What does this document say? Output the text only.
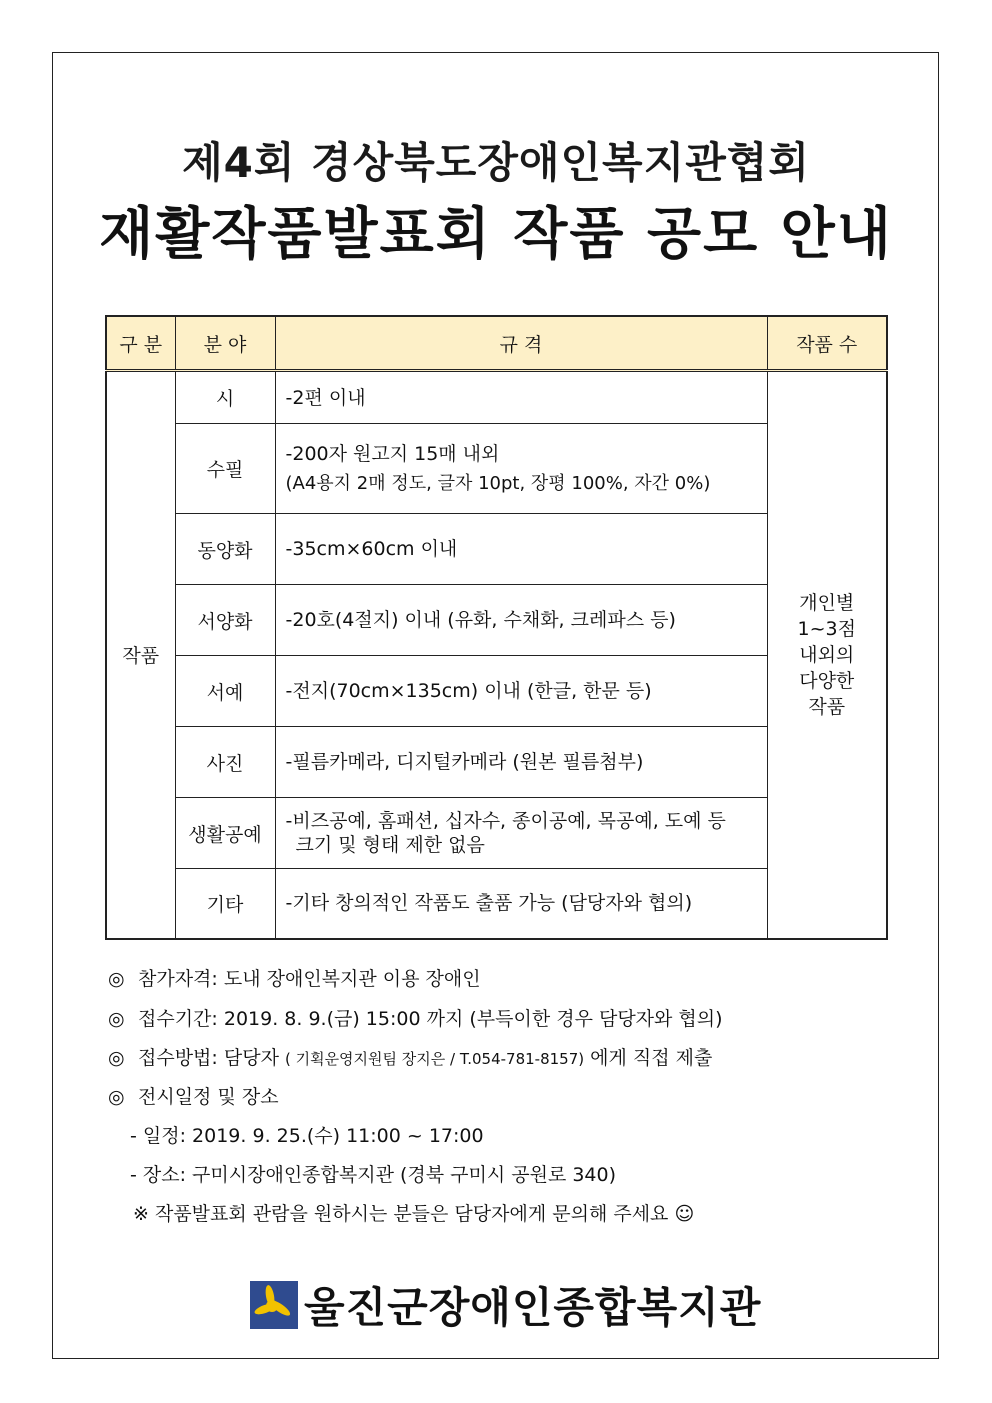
제4회 경상북도장애인복지관협회
재활작품발표회 작품 공모 안내
구 분	분 야	규 격	작품 수
작품	시	-2편 이내	개인별
1~3점
내외의
다양한
작품

	수필	-200자 원고지 15매 내외
(A4용지 2매 정도, 글자 10pt, 장평 100%, 자간 0%)	

	동양화	-35cm×60cm 이내	
	서양화	-20호(4절지) 이내 (유화, 수채화, 크레파스 등)	
	서예	-전지(70cm×135cm) 이내 (한글, 한문 등)	
	사진	-필름카메라, 디지털카메라 (원본 필름첨부)	
	생활공예	-비즈공예, 홈패션, 십자수, 종이공예, 목공예, 도예 등
크기 및 형태 제한 없음	
	기타	-기타 창의적인 작품도 출품 가능 (담당자와 협의)	
◎ 참가자격: 도내 장애인복지관 이용 장애인
◎ 접수기간: 2019. 8. 9.(금) 15:00 까지 (부득이한 경우 담당자와 협의)
◎ 접수방법: 담당자 ( 기획운영지원팀 장지은 / T.054-781-8157) 에게 직접 제출
◎ 전시일정 및 장소
- 일정: 2019. 9. 25.(수) 11:00 ~ 17:00
- 장소: 구미시장애인종합복지관 (경북 구미시 공원로 340)
※ 작품발표회 관람을 원하시는 분들은 담당자에게 문의해 주세요 ☺
울진군장애인종합복지관
